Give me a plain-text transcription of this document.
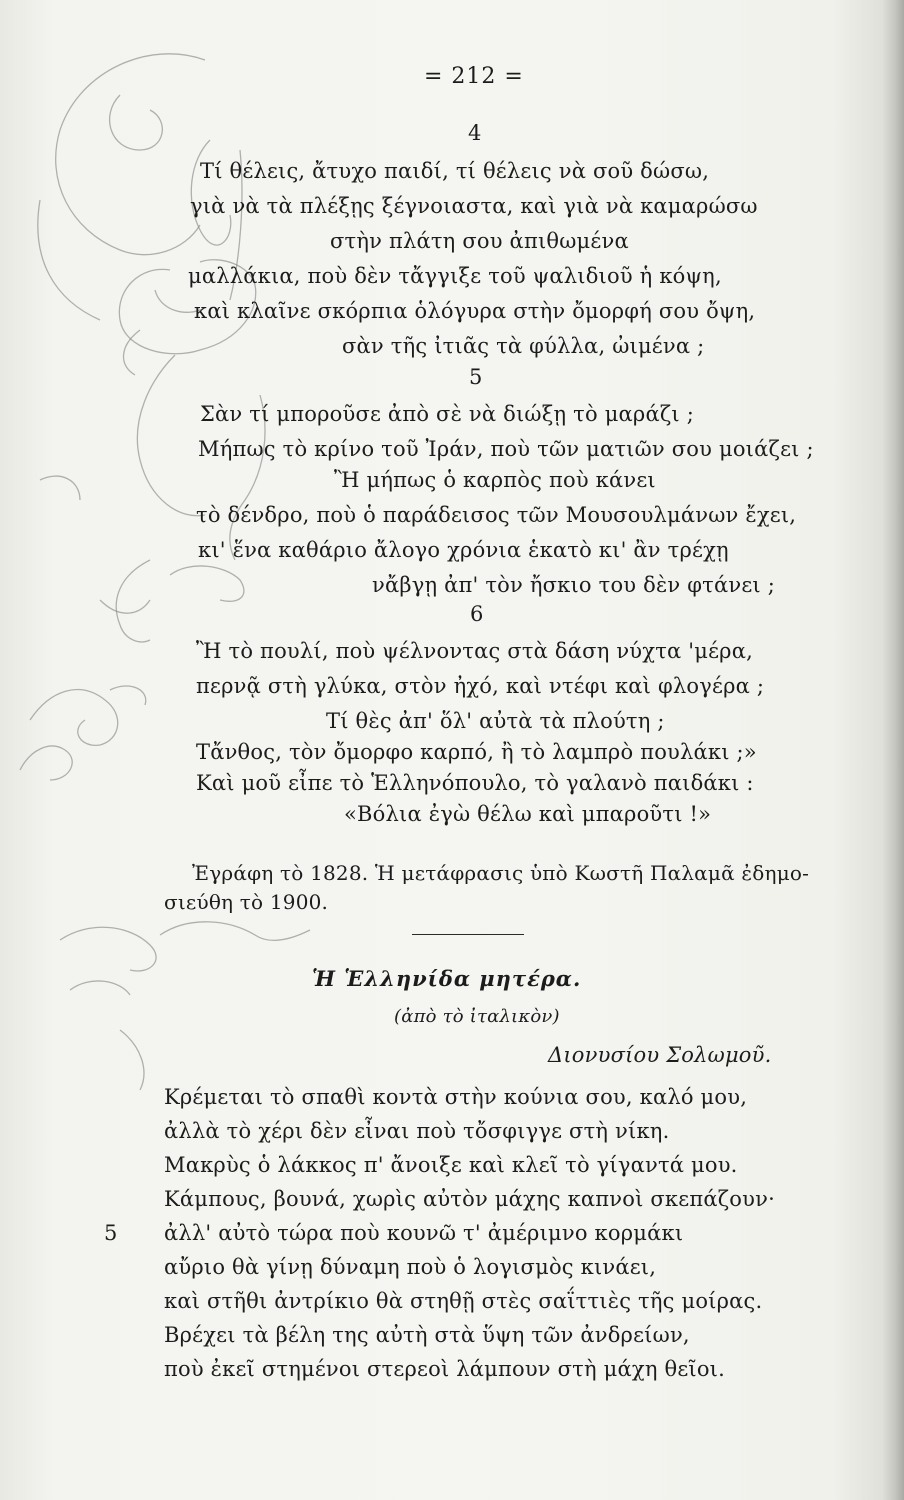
= 212 =
4
Τί θέλεις, ἄτυχο παιδί, τί θέλεις νὰ σοῦ δώσω,
γιὰ νὰ τὰ πλέξῃς ξέγνοιαστα, καὶ γιὰ νὰ καμαρώσω
στὴν πλάτη σου ἀπιθωμένα
μαλλάκια, ποὺ δὲν τἄγγιξε τοῦ ψαλιδιοῦ ἡ κόψη,
καὶ κλαῖνε σκόρπια ὁλόγυρα στὴν ὄμορφή σου ὄψη,
σὰν τῆς ἰτιᾶς τὰ φύλλα, ὠιμένα ;
5
Σὰν τί μποροῦσε ἀπὸ σὲ νὰ διώξῃ τὸ μαράζι ;
Μήπως τὸ κρίνο τοῦ Ἰράν, ποὺ τῶν ματιῶν σου μοιάζει ;
Ἢ μήπως ὁ καρπὸς ποὺ κάνει
τὸ δένδρο, ποὺ ὁ παράδεισος τῶν Μουσουλμάνων ἔχει,
κι' ἕνα καθάριο ἄλογο χρόνια ἑκατὸ κι' ἂν τρέχῃ
νἄβγῃ ἀπ' τὸν ἤσκιο του δὲν φτάνει ;
6
Ἢ τὸ πουλί, ποὺ ψέλνοντας στὰ δάση νύχτα 'μέρα,
περνᾷ στὴ γλύκα, στὸν ἠχό, καὶ ντέφι καὶ φλογέρα ;
Τί θὲς ἀπ' ὅλ' αὐτὰ τὰ πλούτη ;
Τἄνθος, τὸν ὄμορφο καρπό, ἢ τὸ λαμπρὸ πουλάκι ;»
Καὶ μοῦ εἶπε τὸ Ἑλληνόπουλο, τὸ γαλανὸ παιδάκι :
«Βόλια ἐγὼ θέλω καὶ μπαροῦτι !»
Ἐγράφη τὸ 1828. Ἡ μετάφρασις ὑπὸ Κωστῆ Παλαμᾶ ἐδημο-
σιεύθη τὸ 1900.
Ἡ Ἑλληνίδα μητέρα.
(ἀπὸ τὸ ἰταλικὸν)
Διονυσίου Σολωμοῦ.
Κρέμεται τὸ σπαθὶ κοντὰ στὴν κούνια σου, καλό μου,
ἀλλὰ τὸ χέρι δὲν εἶναι ποὺ τὄσφιγγε στὴ νίκη.
Μακρὺς ὁ λάκκος π' ἄνοιξε καὶ κλεῖ τὸ γίγαντά μου.
Κάμπους, βουνά, χωρὶς αὐτὸν μάχης καπνοὶ σκεπάζουν·
5 ἀλλ' αὐτὸ τώρα ποὺ κουνῶ τ' ἀμέριμνο κορμάκι
αὔριο θὰ γίνῃ δύναμη ποὺ ὁ λογισμὸς κινάει,
καὶ στῆθι ἀντρίκιο θὰ στηθῇ στὲς σαΐττιὲς τῆς μοίρας.
Βρέχει τὰ βέλη της αὐτὴ στὰ ὕψη τῶν ἀνδρείων,
ποὺ ἐκεῖ στημένοι στερεοὶ λάμπουν στὴ μάχη θεῖοι.
